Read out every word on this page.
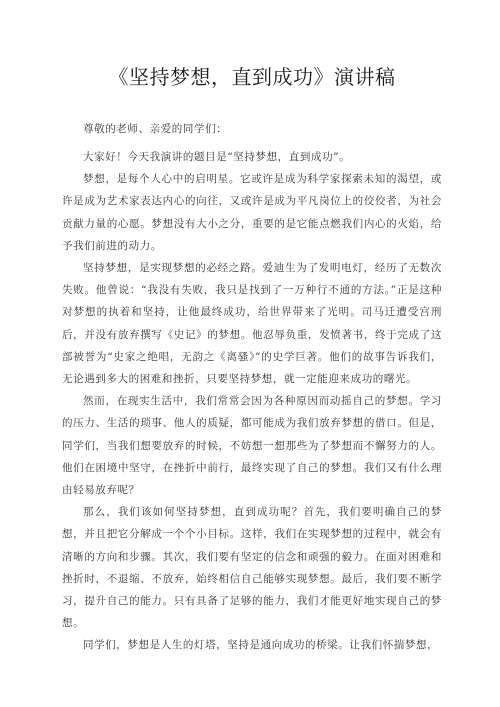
《坚持梦想，直到成功》演讲稿

尊敬的老师、亲爱的同学们：

大家好！今天我演讲的题目是“坚持梦想，直到成功”。

梦想，是每个人心中的启明星。它或许是成为科学家探索未知的渴望，或许是成为艺术家表达内心的向往，又或许是成为平凡岗位上的佼佼者，为社会贡献力量的心愿。梦想没有大小之分，重要的是它能点燃我们内心的火焰，给予我们前进的动力。

坚持梦想，是实现梦想的必经之路。爱迪生为了发明电灯，经历了无数次失败。他曾说：“我没有失败，我只是找到了一万种行不通的方法。”正是这种对梦想的执着和坚持，让他最终成功，给世界带来了光明。司马迁遭受宫刑后，并没有放弃撰写《史记》的梦想。他忍辱负重，发愤著书，终于完成了这部被誉为“史家之绝唱，无韵之《离骚》”的史学巨著。他们的故事告诉我们，无论遇到多大的困难和挫折，只要坚持梦想，就一定能迎来成功的曙光。

然而，在现实生活中，我们常常会因为各种原因而动摇自己的梦想。学习的压力、生活的琐事、他人的质疑，都可能成为我们放弃梦想的借口。但是，同学们，当我们想要放弃的时候，不妨想一想那些为了梦想而不懈努力的人。他们在困境中坚守，在挫折中前行，最终实现了自己的梦想。我们又有什么理由轻易放弃呢？

那么，我们该如何坚持梦想，直到成功呢？首先，我们要明确自己的梦想，并且把它分解成一个个小目标。这样，我们在实现梦想的过程中，就会有清晰的方向和步骤。其次，我们要有坚定的信念和顽强的毅力。在面对困难和挫折时，不退缩、不放弃，始终相信自己能够实现梦想。最后，我们要不断学习，提升自己的能力。只有具备了足够的能力，我们才能更好地实现自己的梦想。

同学们，梦想是人生的灯塔，坚持是通向成功的桥梁。让我们怀揣梦想，
